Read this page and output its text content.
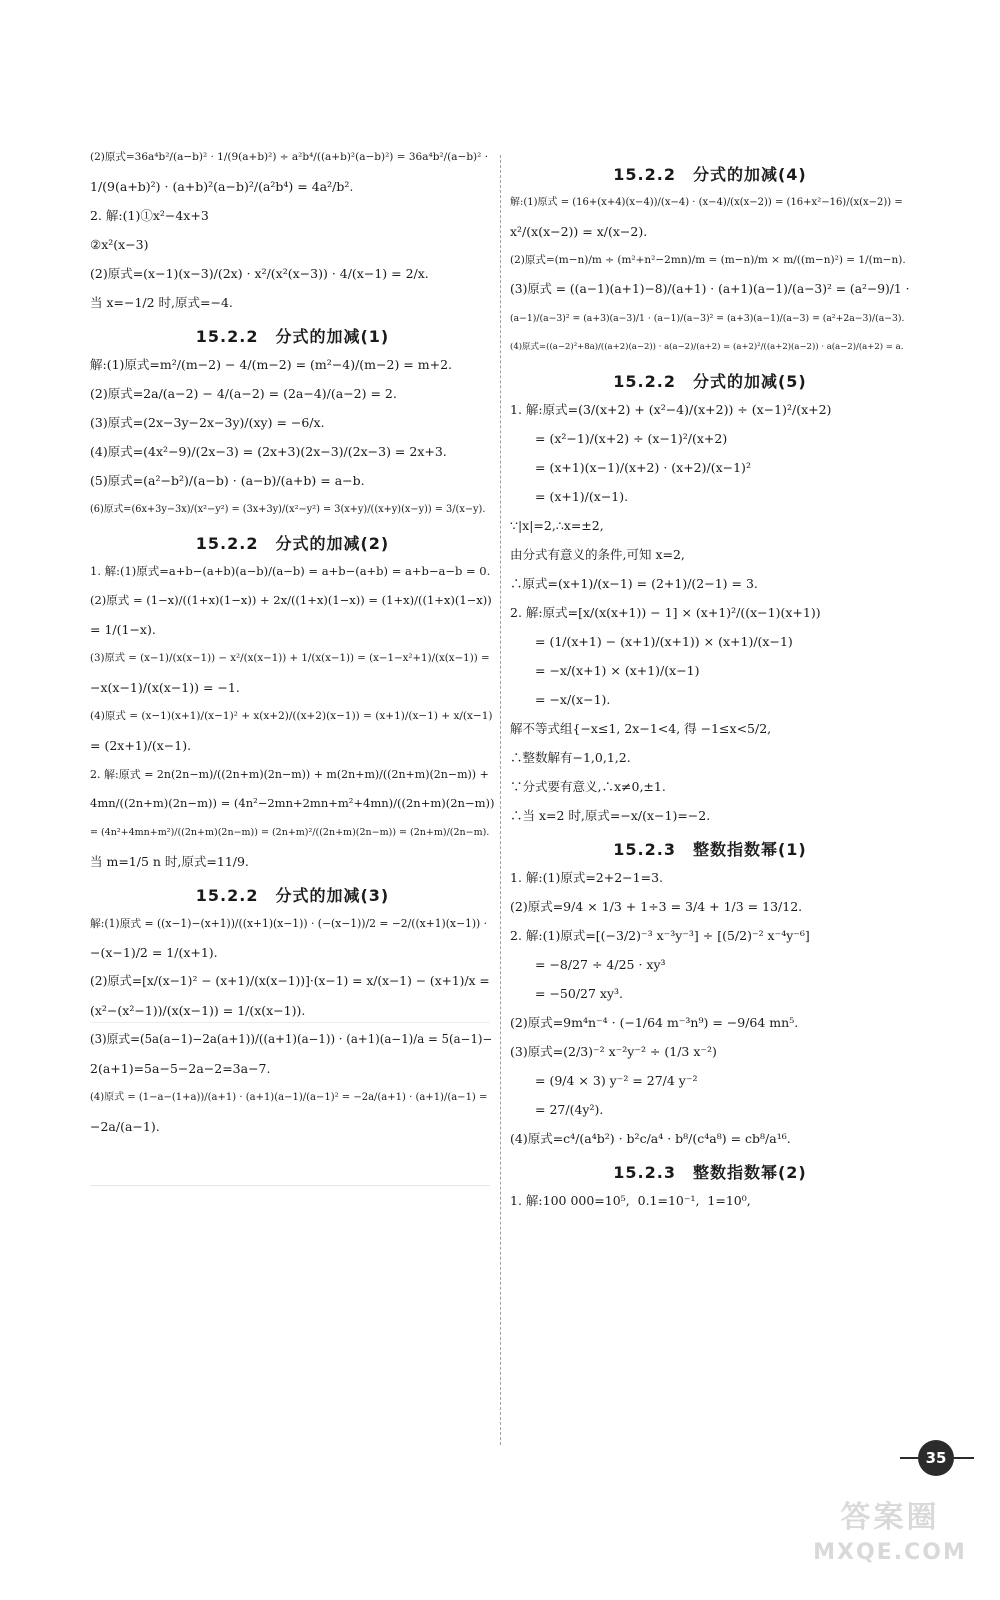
(2)原式=36a⁴b²/(a−b)² · 1/(9(a+b)²) ÷ a²b⁴/((a+b)²(a−b)²) = 36a⁴b²/(a−b)² ·
1/(9(a+b)²) · (a+b)²(a−b)²/(a²b⁴) = 4a²/b².
2. 解:(1)①x²−4x+3
②x²(x−3)
(2)原式=(x−1)(x−3)/(2x) · x²/(x²(x−3)) · 4/(x−1) = 2/x.
当 x=−1/2 时,原式=−4.
15.2.2　分式的加减(1)
解:(1)原式=m²/(m−2) − 4/(m−2) = (m²−4)/(m−2) = m+2.
(2)原式=2a/(a−2) − 4/(a−2) = (2a−4)/(a−2) = 2.
(3)原式=(2x−3y−2x−3y)/(xy) = −6/x.
(4)原式=(4x²−9)/(2x−3) = (2x+3)(2x−3)/(2x−3) = 2x+3.
(5)原式=(a²−b²)/(a−b) · (a−b)/(a+b) = a−b.
(6)原式=(6x+3y−3x)/(x²−y²) = (3x+3y)/(x²−y²) = 3(x+y)/((x+y)(x−y)) = 3/(x−y).
15.2.2　分式的加减(2)
1. 解:(1)原式=a+b−(a+b)(a−b)/(a−b) = a+b−(a+b) = a+b−a−b = 0.
(2)原式 = (1−x)/((1+x)(1−x)) + 2x/((1+x)(1−x)) = (1+x)/((1+x)(1−x))
= 1/(1−x).
(3)原式 = (x−1)/(x(x−1)) − x²/(x(x−1)) + 1/(x(x−1)) = (x−1−x²+1)/(x(x−1)) =
−x(x−1)/(x(x−1)) = −1.
(4)原式 = (x−1)(x+1)/(x−1)² + x(x+2)/((x+2)(x−1)) = (x+1)/(x−1) + x/(x−1)
= (2x+1)/(x−1).
2. 解:原式 = 2n(2n−m)/((2n+m)(2n−m)) + m(2n+m)/((2n+m)(2n−m)) +
4mn/((2n+m)(2n−m)) = (4n²−2mn+2mn+m²+4mn)/((2n+m)(2n−m))
= (4n²+4mn+m²)/((2n+m)(2n−m)) = (2n+m)²/((2n+m)(2n−m)) = (2n+m)/(2n−m).
当 m=1/5 n 时,原式=11/9.
15.2.2　分式的加减(3)
解:(1)原式 = ((x−1)−(x+1))/((x+1)(x−1)) · (−(x−1))/2 = −2/((x+1)(x−1)) ·
−(x−1)/2 = 1/(x+1).
(2)原式=[x/(x−1)² − (x+1)/(x(x−1))]·(x−1) = x/(x−1) − (x+1)/x =
(x²−(x²−1))/(x(x−1)) = 1/(x(x−1)).
(3)原式=(5a(a−1)−2a(a+1))/((a+1)(a−1)) · (a+1)(a−1)/a = 5(a−1)−
2(a+1)=5a−5−2a−2=3a−7.
(4)原式 = (1−a−(1+a))/(a+1) · (a+1)(a−1)/(a−1)² = −2a/(a+1) · (a+1)/(a−1) =
−2a/(a−1).
15.2.2　分式的加减(4)
解:(1)原式 = (16+(x+4)(x−4))/(x−4) · (x−4)/(x(x−2)) = (16+x²−16)/(x(x−2)) =
x²/(x(x−2)) = x/(x−2).
(2)原式=(m−n)/m ÷ (m²+n²−2mn)/m = (m−n)/m × m/((m−n)²) = 1/(m−n).
(3)原式 = ((a−1)(a+1)−8)/(a+1) · (a+1)(a−1)/(a−3)² = (a²−9)/1 ·
(a−1)/(a−3)² = (a+3)(a−3)/1 · (a−1)/(a−3)² = (a+3)(a−1)/(a−3) = (a²+2a−3)/(a−3).
(4)原式=((a−2)²+8a)/((a+2)(a−2)) · a(a−2)/(a+2) = (a+2)²/((a+2)(a−2)) · a(a−2)/(a+2) = a.
15.2.2　分式的加减(5)
1. 解:原式=(3/(x+2) + (x²−4)/(x+2)) ÷ (x−1)²/(x+2)
　　= (x²−1)/(x+2) ÷ (x−1)²/(x+2)
　　= (x+1)(x−1)/(x+2) · (x+2)/(x−1)²
　　= (x+1)/(x−1).
∵|x|=2,∴x=±2,
由分式有意义的条件,可知 x=2,
∴原式=(x+1)/(x−1) = (2+1)/(2−1) = 3.
2. 解:原式=[x/(x(x+1)) − 1] × (x+1)²/((x−1)(x+1))
　　= (1/(x+1) − (x+1)/(x+1)) × (x+1)/(x−1)
　　= −x/(x+1) × (x+1)/(x−1)
　　= −x/(x−1).
解不等式组{−x≤1, 2x−1<4, 得 −1≤x<5/2,
∴整数解有−1,0,1,2.
∵分式要有意义,∴x≠0,±1.
∴当 x=2 时,原式=−x/(x−1)=−2.
15.2.3　整数指数幂(1)
1. 解:(1)原式=2+2−1=3.
(2)原式=9/4 × 1/3 + 1÷3 = 3/4 + 1/3 = 13/12.
2. 解:(1)原式=[(−3/2)⁻³ x⁻³y⁻³] ÷ [(5/2)⁻² x⁻⁴y⁻⁶]
　　= −8/27 ÷ 4/25 · xy³
　　= −50/27 xy³.
(2)原式=9m⁴n⁻⁴ · (−1/64 m⁻³n⁹) = −9/64 mn⁵.
(3)原式=(2/3)⁻² x⁻²y⁻² ÷ (1/3 x⁻²)
　　= (9/4 × 3) y⁻² = 27/4 y⁻²
　　= 27/(4y²).
(4)原式=c⁴/(a⁴b²) · b²c/a⁴ · b⁸/(c⁴a⁸) = cb⁸/a¹⁶.
15.2.3　整数指数幂(2)
1. 解:100 000=10⁵,  0.1=10⁻¹,  1=10⁰,
35
答案圈
MXQE.COM
